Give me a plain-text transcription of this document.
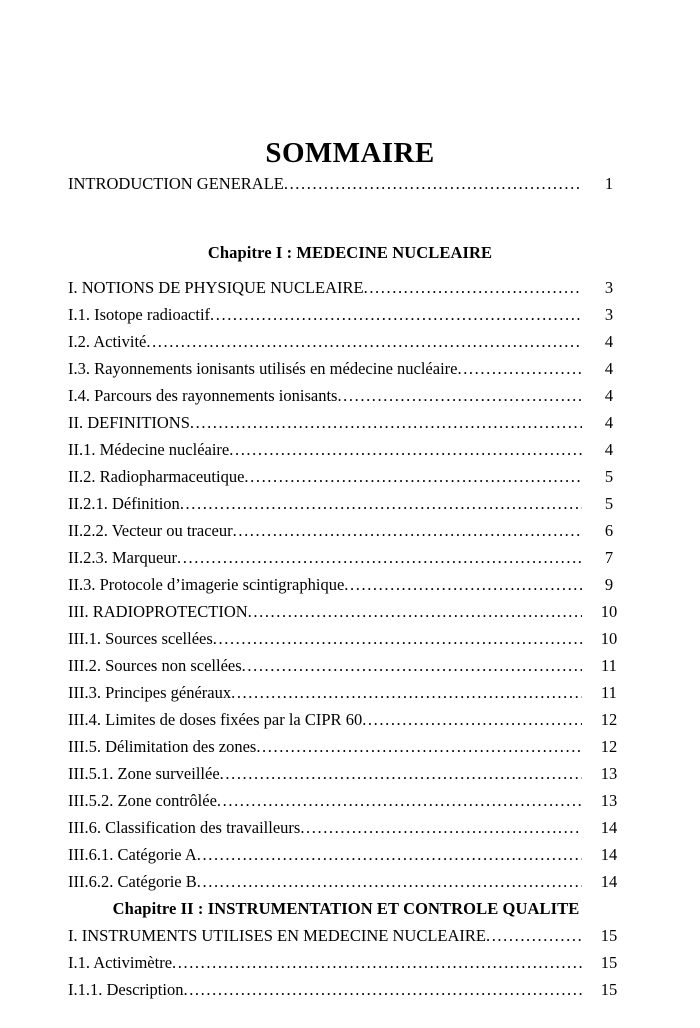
SOMMAIRE
INTRODUCTION GENERALE .....	1
Chapitre I : MEDECINE NUCLEAIRE
I. NOTIONS DE PHYSIQUE NUCLEAIRE .....	3
I.1. Isotope radioactif .....	3
I.2. Activité .....	4
I.3. Rayonnements ionisants utilisés en médecine nucléaire .....	4
I.4. Parcours des rayonnements ionisants .....	4
II. DEFINITIONS .....	4
II.1. Médecine nucléaire .....	4
II.2. Radiopharmaceutique .....	5
II.2.1. Définition .....	5
II.2.2. Vecteur ou traceur .....	6
II.2.3. Marqueur .....	7
II.3. Protocole d’imagerie scintigraphique .....	9
III. RADIOPROTECTION .....	10
III.1. Sources scellées .....	10
III.2. Sources non scellées .....	11
III.3. Principes généraux .....	11
III.4. Limites de doses fixées par la CIPR 60 .....	12
III.5. Délimitation des zones .....	12
III.5.1. Zone surveillée .....	13
III.5.2. Zone contrôlée .....	13
III.6. Classification des travailleurs .....	14
III.6.1. Catégorie A .....	14
III.6.2. Catégorie B .....	14
Chapitre II : INSTRUMENTATION ET CONTROLE QUALITE
I. INSTRUMENTS UTILISES EN MEDECINE NUCLEAIRE .....	15
I.1. Activimètre .....	15
I.1.1. Description .....	15
